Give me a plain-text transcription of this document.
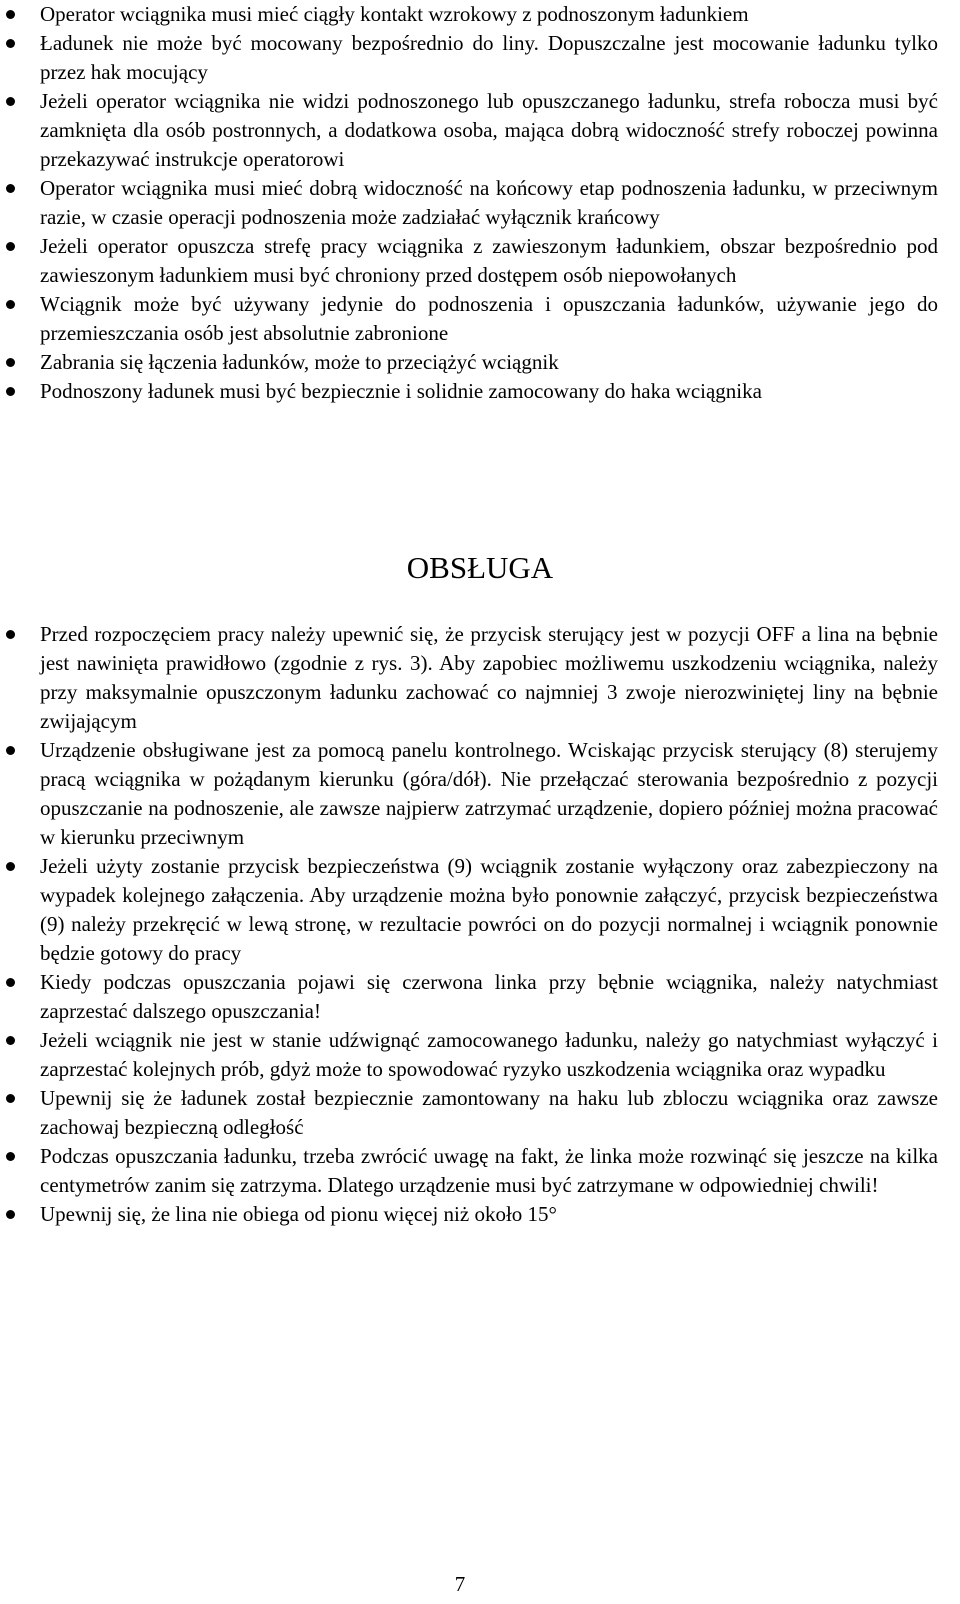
Operator wciągnika musi mieć ciągły kontakt wzrokowy z podnoszonym ładunkiem
Ładunek nie może być mocowany bezpośrednio do liny. Dopuszczalne jest mocowanie ładunku tylko przez hak mocujący
Jeżeli operator wciągnika nie widzi podnoszonego lub opuszczanego ładunku, strefa robocza musi być zamknięta dla osób postronnych, a dodatkowa osoba, mająca dobrą widoczność strefy roboczej powinna przekazywać instrukcje operatorowi
Operator wciągnika musi mieć dobrą widoczność na końcowy etap podnoszenia ładunku, w przeciwnym razie, w czasie operacji podnoszenia może zadziałać wyłącznik krańcowy
Jeżeli operator opuszcza strefę pracy wciągnika z zawieszonym ładunkiem, obszar bezpośrednio pod zawieszonym ładunkiem musi być chroniony przed dostępem osób niepowołanych
Wciągnik może być używany jedynie do podnoszenia i opuszczania ładunków, używanie jego do przemieszczania osób jest absolutnie zabronione
Zabrania się łączenia ładunków, może to przeciążyć wciągnik
Podnoszony ładunek musi być bezpiecznie i solidnie zamocowany do haka wciągnika
OBSŁUGA
Przed rozpoczęciem pracy należy upewnić się, że przycisk sterujący jest w pozycji OFF a lina na bębnie jest nawinięta prawidłowo (zgodnie z rys. 3). Aby zapobiec możliwemu uszkodzeniu wciągnika, należy przy maksymalnie opuszczonym ładunku zachować co najmniej 3 zwoje nierozwiniętej liny na bębnie zwijającym
Urządzenie obsługiwane jest za pomocą panelu kontrolnego. Wciskając przycisk sterujący (8) sterujemy pracą wciągnika w pożądanym kierunku (góra/dół). Nie przełączać sterowania bezpośrednio z pozycji opuszczanie na podnoszenie, ale zawsze najpierw zatrzymać urządzenie, dopiero później można pracować w kierunku przeciwnym
Jeżeli użyty zostanie przycisk bezpieczeństwa (9) wciągnik zostanie wyłączony oraz zabezpieczony na wypadek kolejnego załączenia. Aby urządzenie można było ponownie załączyć, przycisk bezpieczeństwa (9) należy przekręcić w lewą stronę, w rezultacie powróci on do pozycji normalnej i wciągnik ponownie będzie gotowy do pracy
Kiedy podczas opuszczania pojawi się czerwona linka przy bębnie wciągnika, należy natychmiast zaprzestać dalszego opuszczania!
Jeżeli wciągnik nie jest w stanie udźwignąć zamocowanego ładunku, należy go natychmiast wyłączyć i zaprzestać kolejnych prób, gdyż może to spowodować ryzyko uszkodzenia wciągnika oraz wypadku
Upewnij się że ładunek został bezpiecznie zamontowany na haku lub zbloczu wciągnika oraz zawsze zachowaj bezpieczną odległość
Podczas opuszczania ładunku, trzeba zwrócić uwagę na fakt, że linka może rozwinąć się jeszcze na kilka centymetrów zanim się zatrzyma. Dlatego urządzenie musi być zatrzymane w odpowiedniej chwili!
Upewnij się, że lina nie obiega od pionu więcej niż około 15°
7
